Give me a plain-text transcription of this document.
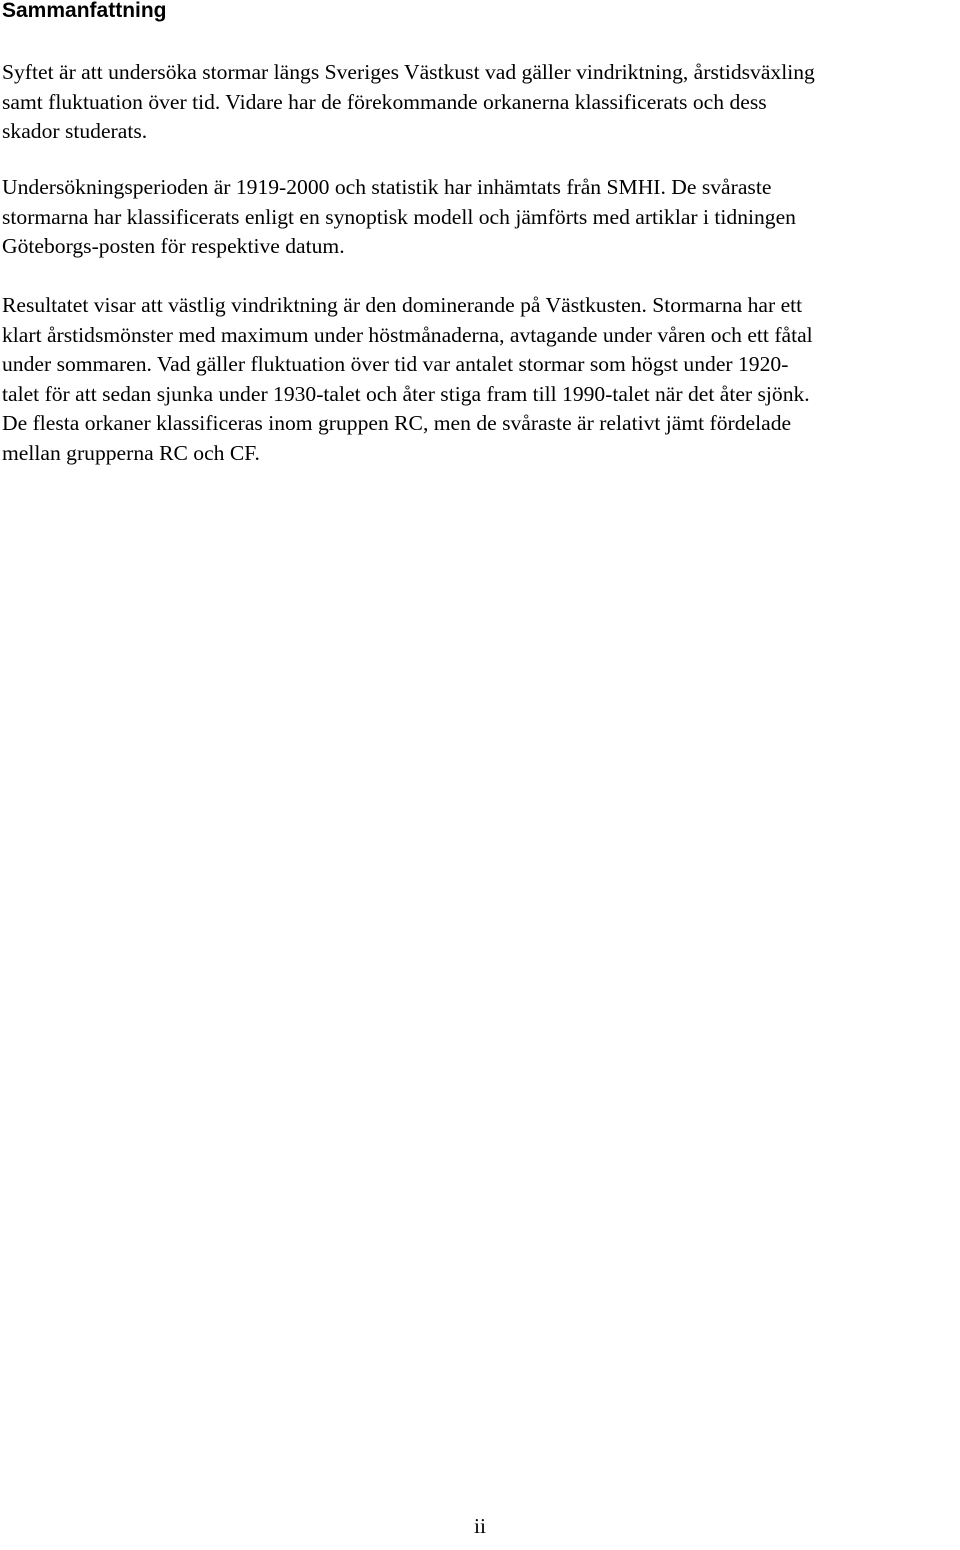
Sammanfattning

Syftet är att undersöka stormar längs Sveriges Västkust vad gäller vindriktning, årstidsväxling
samt fluktuation över tid. Vidare har de förekommande orkanerna klassificerats och dess
skador studerats.

Undersökningsperioden är 1919-2000 och statistik har inhämtats från SMHI. De svåraste
stormarna har klassificerats enligt en synoptisk modell och jämförts med artiklar i tidningen
Göteborgs-posten för respektive datum.

Resultatet visar att västlig vindriktning är den dominerande på Västkusten. Stormarna har ett
klart årstidsmönster med maximum under höstmånaderna, avtagande under våren och ett fåtal
under sommaren. Vad gäller fluktuation över tid var antalet stormar som högst under 1920-
talet för att sedan sjunka under 1930-talet och åter stiga fram till 1990-talet när det åter sjönk.
De flesta orkaner klassificeras inom gruppen RC, men de svåraste är relativt jämt fördelade
mellan grupperna RC och CF.

ii
